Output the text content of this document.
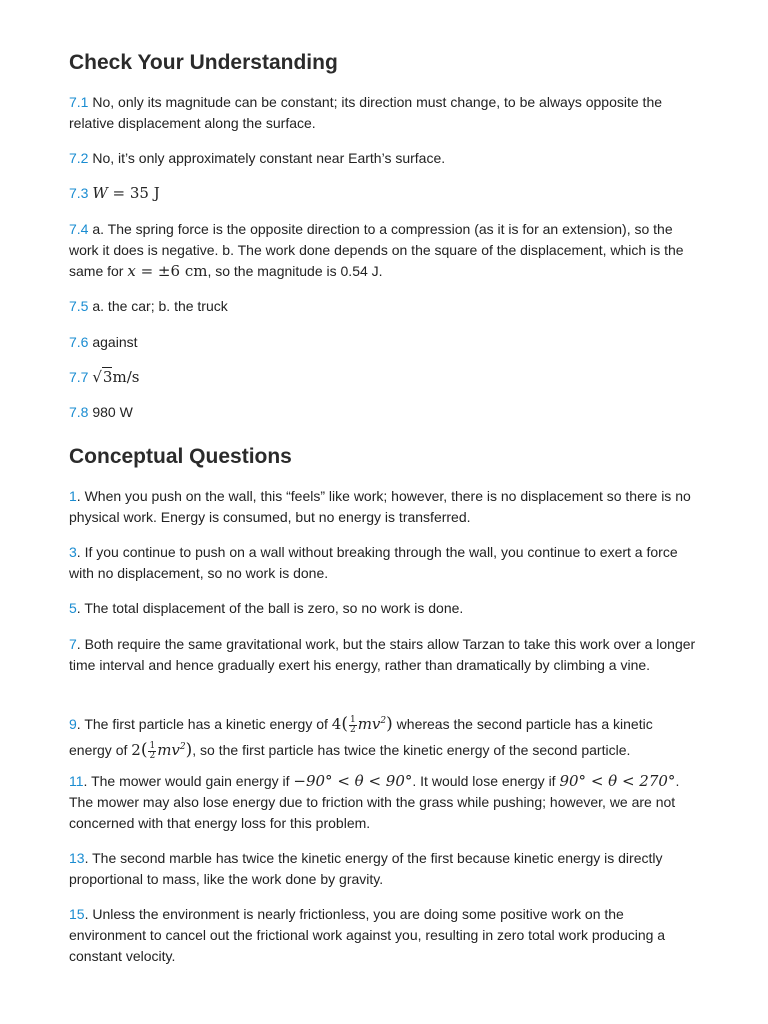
Check Your Understanding

7.1 No, only its magnitude can be constant; its direction must change, to be always opposite the relative displacement along the surface.

7.2 No, it’s only approximately constant near Earth’s surface.

7.3 W = 35 J

7.4 a. The spring force is the opposite direction to a compression (as it is for an extension), so the work it does is negative. b. The work done depends on the square of the displacement, which is the same for x = ±6 cm, so the magnitude is 0.54 J.

7.5 a. the car; b. the truck

7.6 against

7.7 √3m/s

7.8 980 W

Conceptual Questions

1. When you push on the wall, this “feels” like work; however, there is no displacement so there is no physical work. Energy is consumed, but no energy is transferred.

3. If you continue to push on a wall without breaking through the wall, you continue to exert a force with no displacement, so no work is done.

5. The total displacement of the ball is zero, so no work is done.

7. Both require the same gravitational work, but the stairs allow Tarzan to take this work over a longer time interval and hence gradually exert his energy, rather than dramatically by climbing a vine.

9. The first particle has a kinetic energy of $4( \frac{1}{2} mv^2)$ whereas the second particle has a kinetic energy of $2( \frac{1}{2} mv^2)$, so the first particle has twice the kinetic energy of the second particle.

11. The mower would gain energy if −90° < θ < 90°. It would lose energy if 90° < θ < 270°. The mower may also lose energy due to friction with the grass while pushing; however, we are not concerned with that energy loss for this problem.

13. The second marble has twice the kinetic energy of the first because kinetic energy is directly proportional to mass, like the work done by gravity.

15. Unless the environment is nearly frictionless, you are doing some positive work on the environment to cancel out the frictional work against you, resulting in zero total work producing a constant velocity.
